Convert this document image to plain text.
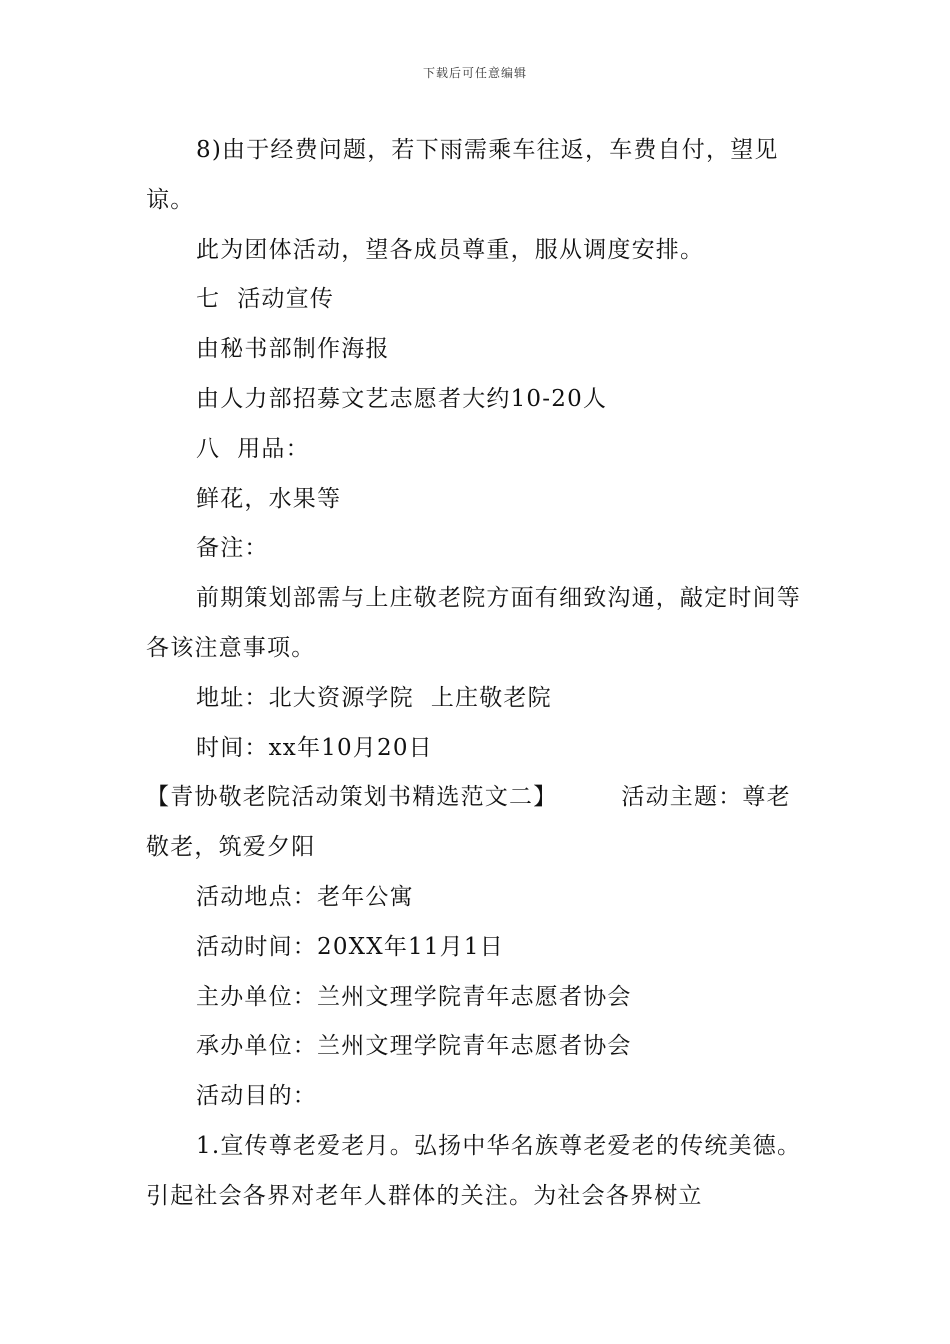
下载后可任意编辑

8)由于经费问题，若下雨需乘车往返，车费自付，望见谅。

此为团体活动，望各成员尊重，服从调度安排。

七  活动宣传

由秘书部制作海报

由人力部招募文艺志愿者大约10-20人

八  用品：

鲜花，水果等

备注：

前期策划部需与上庄敬老院方面有细致沟通，敲定时间等各该注意事项。

地址：北大资源学院  上庄敬老院

时间：xx年10月20日

【青协敬老院活动策划书精选范文二】	活动主题：尊老敬老，筑爱夕阳

活动地点：老年公寓

活动时间：20XX年11月1日

主办单位：兰州文理学院青年志愿者协会

承办单位：兰州文理学院青年志愿者协会

活动目的：

1.宣传尊老爱老月。弘扬中华名族尊老爱老的传统美德。引起社会各界对老年人群体的关注。为社会各界树立
